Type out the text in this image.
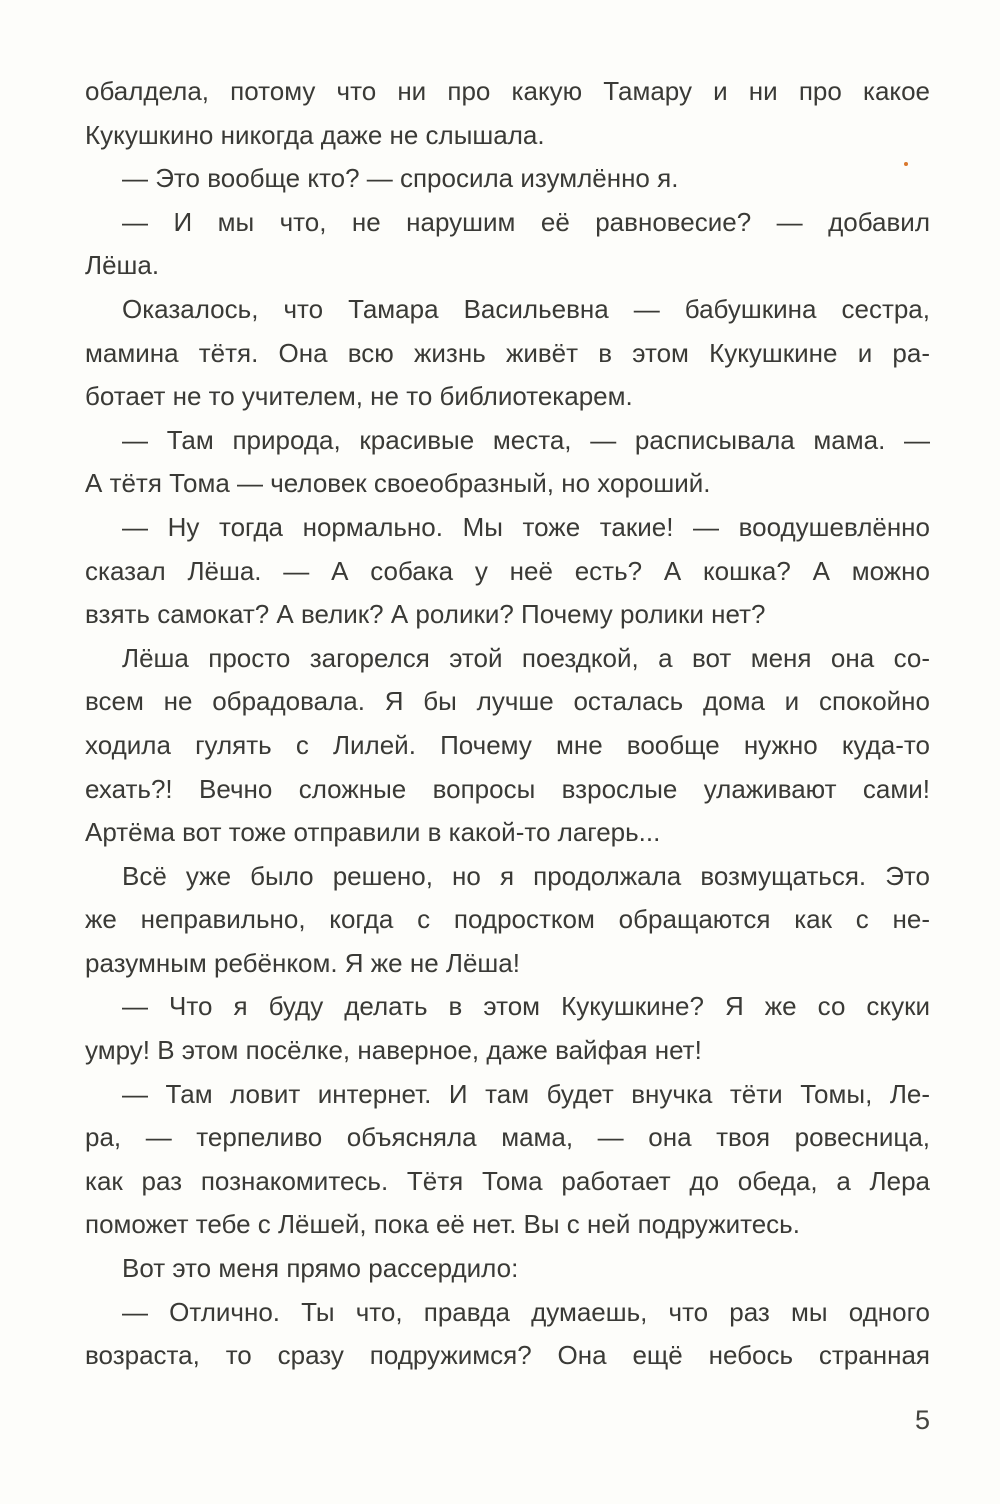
обалдела, потому что ни про какую Тамару и ни про какое
Кукушкино никогда даже не слышала.
— Это вообще кто? — спросила изумлённо я.
— И мы что, не нарушим её равновесие? — добавил
Лёша.
Оказалось, что Тамара Васильевна — бабушкина сестра,
мамина тётя. Она всю жизнь живёт в этом Кукушкине и ра-
ботает не то учителем, не то библиотекарем.
— Там природа, красивые места, — расписывала мама. —
А тётя Тома — человек своеобразный, но хороший.
— Ну тогда нормально. Мы тоже такие! — воодушевлённо
сказал Лёша. — А собака у неё есть? А кошка? А можно
взять самокат? А велик? А ролики? Почему ролики нет?
Лёша просто загорелся этой поездкой, а вот меня она со-
всем не обрадовала. Я бы лучше осталась дома и спокойно
ходила гулять с Лилей. Почему мне вообще нужно куда-то
ехать?! Вечно сложные вопросы взрослые улаживают сами!
Артёма вот тоже отправили в какой-то лагерь...
Всё уже было решено, но я продолжала возмущаться. Это
же неправильно, когда с подростком обращаются как с не-
разумным ребёнком. Я же не Лёша!
— Что я буду делать в этом Кукушкине? Я же со скуки
умру! В этом посёлке, наверное, даже вайфая нет!
— Там ловит интернет. И там будет внучка тёти Томы, Ле-
ра, — терпеливо объясняла мама, — она твоя ровесница,
как раз познакомитесь. Тётя Тома работает до обеда, а Лера
поможет тебе с Лёшей, пока её нет. Вы с ней подружитесь.
Вот это меня прямо рассердило:
— Отлично. Ты что, правда думаешь, что раз мы одного
возраста, то сразу подружимся? Она ещё небось странная
5
